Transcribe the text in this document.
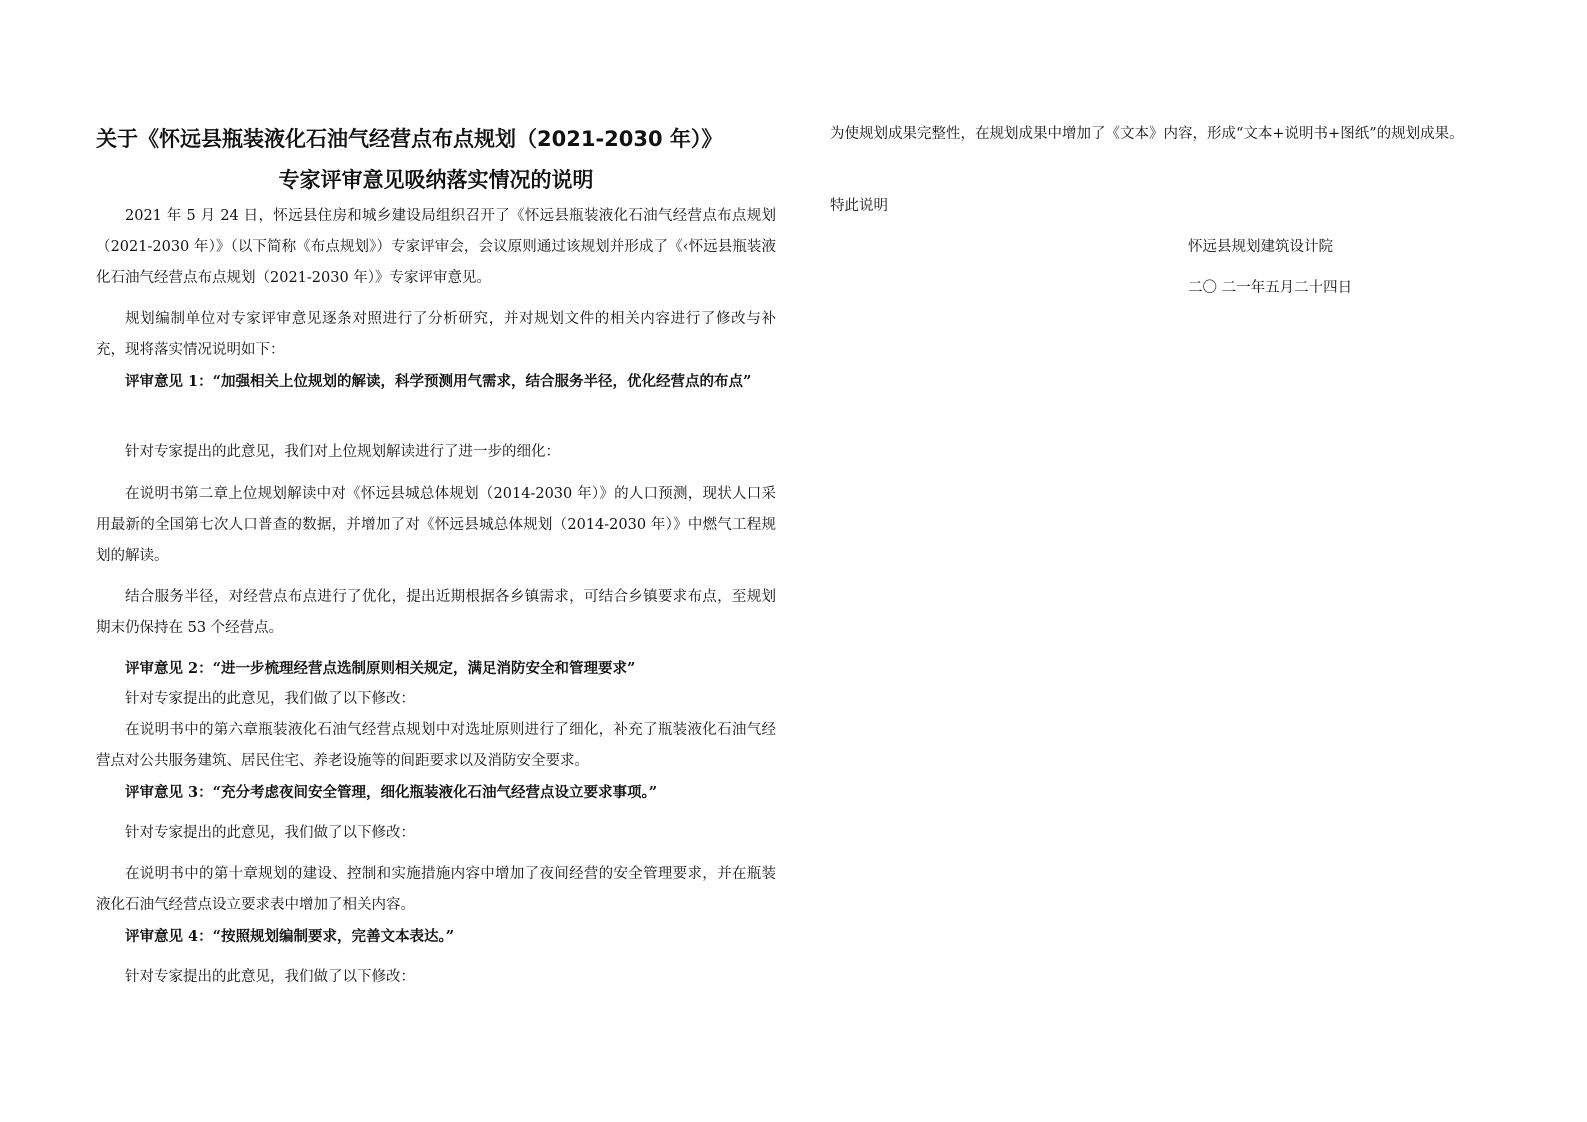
关于《怀远县瓶装液化石油气经营点布点规划（2021-2030 年）》
专家评审意见吸纳落实情况的说明

2021 年 5 月 24 日，怀远县住房和城乡建设局组织召开了《怀远县瓶装液化石油气经营点布点规划（2021-2030 年）》（以下简称《布点规划》）专家评审会，会议原则通过该规划并形成了《‹怀远县瓶装液化石油气经营点布点规划（2021-2030 年）》专家评审意见。

规划编制单位对专家评审意见逐条对照进行了分析研究，并对规划文件的相关内容进行了修改与补充，现将落实情况说明如下：

评审意见 1：“加强相关上位规划的解读，科学预测用气需求，结合服务半径，优化经营点的布点”

针对专家提出的此意见，我们对上位规划解读进行了进一步的细化：

在说明书第二章上位规划解读中对《怀远县城总体规划（2014-2030 年）》的人口预测，现状人口采用最新的全国第七次人口普查的数据，并增加了对《怀远县城总体规划（2014-2030 年）》中燃气工程规划的解读。

结合服务半径，对经营点布点进行了优化，提出近期根据各乡镇需求，可结合乡镇要求布点，至规划期末仍保持在 53 个经营点。

评审意见 2：“进一步梳理经营点选制原则相关规定，满足消防安全和管理要求”

针对专家提出的此意见，我们做了以下修改：

在说明书中的第六章瓶装液化石油气经营点规划中对选址原则进行了细化，补充了瓶装液化石油气经营点对公共服务建筑、居民住宅、养老设施等的间距要求以及消防安全要求。

评审意见 3：“充分考虑夜间安全管理，细化瓶装液化石油气经营点设立要求事项。”

针对专家提出的此意见，我们做了以下修改：

在说明书中的第十章规划的建设、控制和实施措施内容中增加了夜间经营的安全管理要求，并在瓶装液化石油气经营点设立要求表中增加了相关内容。

评审意见 4：“按照规划编制要求，完善文本表达。”

针对专家提出的此意见，我们做了以下修改：

为使规划成果完整性，在规划成果中增加了《文本》内容，形成“文本+说明书+图纸”的规划成果。

特此说明

怀远县规划建筑设计院

二〇 二一年五月二十四日
